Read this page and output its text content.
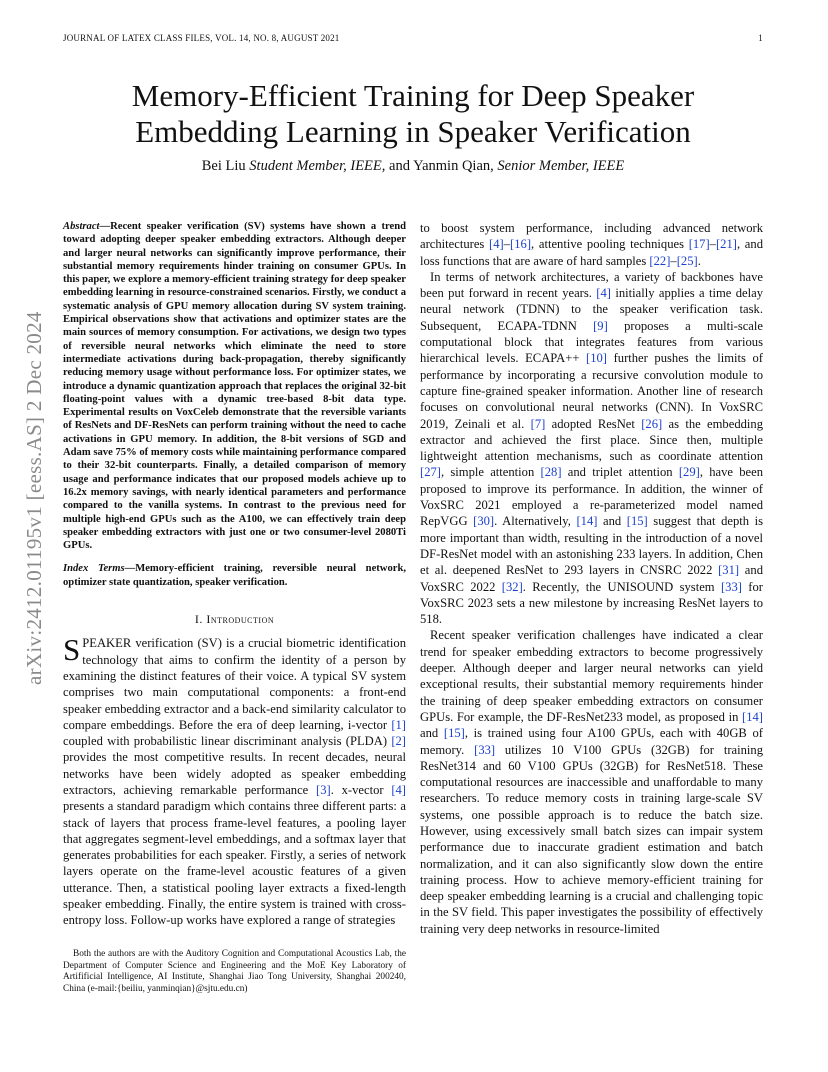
JOURNAL OF LATEX CLASS FILES, VOL. 14, NO. 8, AUGUST 2021	1
arXiv:2412.01195v1 [eess.AS] 2 Dec 2024
Memory-Efficient Training for Deep Speaker Embedding Learning in Speaker Verification
Bei Liu Student Member, IEEE, and Yanmin Qian, Senior Member, IEEE
Abstract—Recent speaker verification (SV) systems have shown a trend toward adopting deeper speaker embedding extractors. Although deeper and larger neural networks can significantly improve performance, their substantial memory requirements hinder training on consumer GPUs. In this paper, we explore a memory-efficient training strategy for deep speaker embedding learning in resource-constrained scenarios. Firstly, we conduct a systematic analysis of GPU memory allocation during SV system training. Empirical observations show that activations and optimizer states are the main sources of memory consumption. For activations, we design two types of reversible neural networks which eliminate the need to store intermediate activations during back-propagation, thereby significantly reducing memory usage without performance loss. For optimizer states, we introduce a dynamic quantization approach that replaces the original 32-bit floating-point values with a dynamic tree-based 8-bit data type. Experimental results on VoxCeleb demonstrate that the reversible variants of ResNets and DF-ResNets can perform training without the need to cache activations in GPU memory. In addition, the 8-bit versions of SGD and Adam save 75% of memory costs while maintaining performance compared to their 32-bit counterparts. Finally, a detailed comparison of memory usage and performance indicates that our proposed models achieve up to 16.2x memory savings, with nearly identical parameters and performance compared to the vanilla systems. In contrast to the previous need for multiple high-end GPUs such as the A100, we can effectively train deep speaker embedding extractors with just one or two consumer-level 2080Ti GPUs.
Index Terms—Memory-efficient training, reversible neural network, optimizer state quantization, speaker verification.
I. Introduction

SPEAKER verification (SV) is a crucial biometric identification technology that aims to confirm the identity of a person by examining the distinct features of their voice. A typical SV system comprises two main computational components: a front-end speaker embedding extractor and a back-end similarity calculator to compare embeddings. Before the era of deep learning, i-vector [1] coupled with probabilistic linear discriminant analysis (PLDA) [2] provides the most competitive results. In recent decades, neural networks have been widely adopted as speaker embedding extractors, achieving remarkable performance [3]. x-vector [4] presents a standard paradigm which contains three different parts: a stack of layers that process frame-level features, a pooling layer that aggregates segment-level embeddings, and a softmax layer that generates probabilities for each speaker. Firstly, a series of network layers operate on the frame-level acoustic features of a given utterance. Then, a statistical pooling layer extracts a fixed-length speaker embedding. Finally, the entire system is trained with cross-entropy loss. Follow-up works have explored a range of strategies

Both the authors are with the Auditory Cognition and Computational Acoustics Lab, the Department of Computer Science and Engineering and the MoE Key Laboratory of Artifificial Intelligence, AI Institute, Shanghai Jiao Tong University, Shanghai 200240, China (e-mail:{beiliu, yanminqian}@sjtu.edu.cn)

to boost system performance, including advanced network architectures [4]–[16], attentive pooling techniques [17]–[21], and loss functions that are aware of hard samples [22]–[25].

In terms of network architectures, a variety of backbones have been put forward in recent years. [4] initially applies a time delay neural network (TDNN) to the speaker verification task. Subsequent, ECAPA-TDNN [9] proposes a multi-scale computational block that integrates features from various hierarchical levels. ECAPA++ [10] further pushes the limits of performance by incorporating a recursive convolution module to capture fine-grained speaker information. Another line of research focuses on convolutional neural networks (CNN). In VoxSRC 2019, Zeinali et al. [7] adopted ResNet [26] as the embedding extractor and achieved the first place. Since then, multiple lightweight attention mechanisms, such as coordinate attention [27], simple attention [28] and triplet attention [29], have been proposed to improve its performance. In addition, the winner of VoxSRC 2021 employed a re-parameterized model named RepVGG [30]. Alternatively, [14] and [15] suggest that depth is more important than width, resulting in the introduction of a novel DF-ResNet model with an astonishing 233 layers. In addition, Chen et al. deepened ResNet to 293 layers in CNSRC 2022 [31] and VoxSRC 2022 [32]. Recently, the UNISOUND system [33] for VoxSRC 2023 sets a new milestone by increasing ResNet layers to 518.

Recent speaker verification challenges have indicated a clear trend for speaker embedding extractors to become progressively deeper. Although deeper and larger neural networks can yield exceptional results, their substantial memory requirements hinder the training of deep speaker embedding extractors on consumer GPUs. For example, the DF-ResNet233 model, as proposed in [14] and [15], is trained using four A100 GPUs, each with 40GB of memory. [33] utilizes 10 V100 GPUs (32GB) for training ResNet314 and 60 V100 GPUs (32GB) for ResNet518. These computational resources are inaccessible and unaffordable to many researchers. To reduce memory costs in training large-scale SV systems, one possible approach is to reduce the batch size. However, using excessively small batch sizes can impair system performance due to inaccurate gradient estimation and batch normalization, and it can also significantly slow down the entire training process. How to achieve memory-efficient training for deep speaker embedding learning is a crucial and challenging topic in the SV field. This paper investigates the possibility of effectively training very deep networks in resource-limited
